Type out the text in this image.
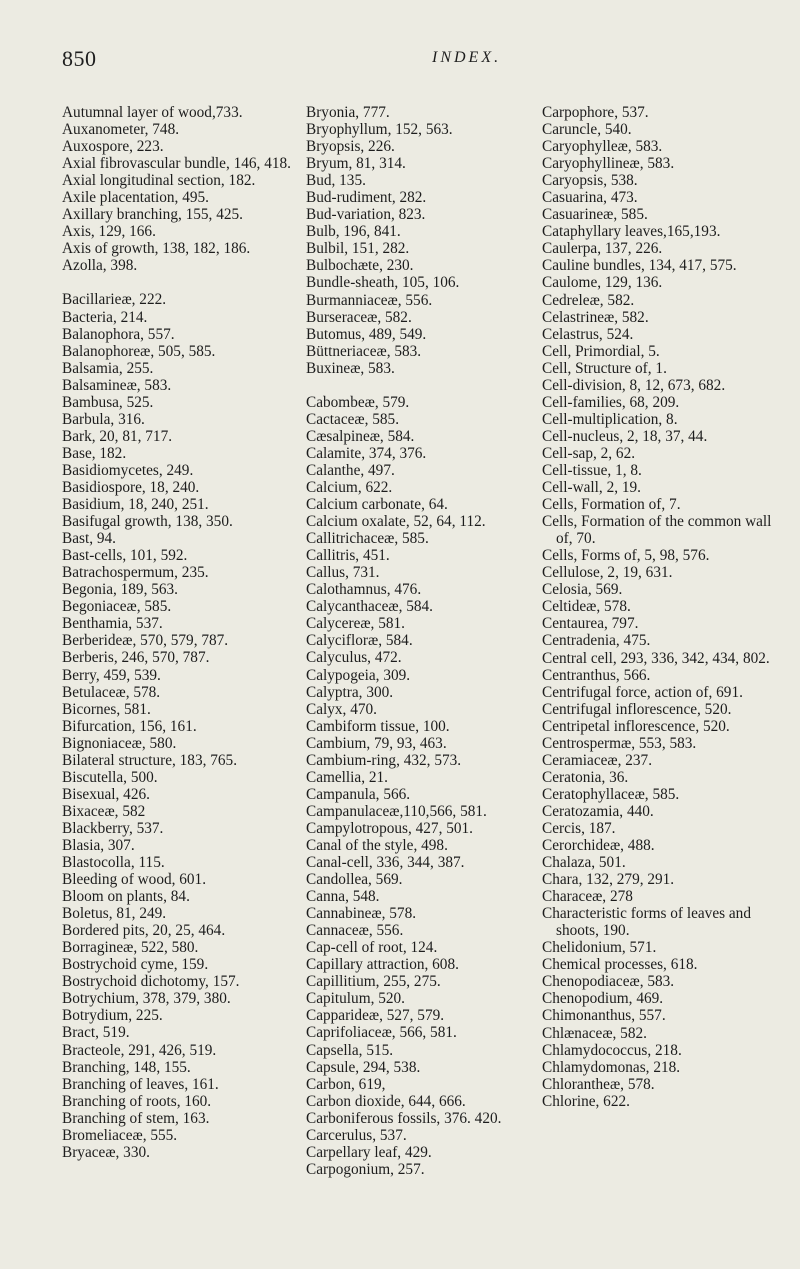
850	INDEX.
Autumnal layer of wood,733.
Auxanometer, 748.
Auxospore, 223.
Axial fibrovascular bundle, 146, 418.
Axial longitudinal section, 182.
Axile placentation, 495.
Axillary branching, 155, 425.
Axis, 129, 166.
Axis of growth, 138, 182, 186.
Azolla, 398.
Bacillarieæ, 222.
Bacteria, 214.
Balanophora, 557.
Balanophoreæ, 505, 585.
Balsamia, 255.
Balsamineæ, 583.
Bambusa, 525.
Barbula, 316.
Bark, 20, 81, 717.
Base, 182.
Basidiomycetes, 249.
Basidiospore, 18, 240.
Basidium, 18, 240, 251.
Basifugal growth, 138, 350.
Bast, 94.
Bast-cells, 101, 592.
Batrachospermum, 235.
Begonia, 189, 563.
Begoniaceæ, 585.
Benthamia, 537.
Berberideæ, 570, 579, 787.
Berberis, 246, 570, 787.
Berry, 459, 539.
Betulaceæ, 578.
Bicornes, 581.
Bifurcation, 156, 161.
Bignoniaceæ, 580.
Bilateral structure, 183, 765.
Biscutella, 500.
Bisexual, 426.
Bixaceæ, 582
Blackberry, 537.
Blasia, 307.
Blastocolla, 115.
Bleeding of wood, 601.
Bloom on plants, 84.
Boletus, 81, 249.
Bordered pits, 20, 25, 464.
Borragineæ, 522, 580.
Bostrychoid cyme, 159.
Bostrychoid dichotomy, 157.
Botrychium, 378, 379, 380.
Botrydium, 225.
Bract, 519.
Bracteole, 291, 426, 519.
Branching, 148, 155.
Branching of leaves, 161.
Branching of roots, 160.
Branching of stem, 163.
Bromeliaceæ, 555.
Bryaceæ, 330.
Bryonia, 777.
Bryophyllum, 152, 563.
Bryopsis, 226.
Bryum, 81, 314.
Bud, 135.
Bud-rudiment, 282.
Bud-variation, 823.
Bulb, 196, 841.
Bulbil, 151, 282.
Bulbochæte, 230.
Bundle-sheath, 105, 106.
Burmanniaceæ, 556.
Burseraceæ, 582.
Butomus, 489, 549.
Büttneriaceæ, 583.
Buxineæ, 583.
Cabombeæ, 579.
Cactaceæ, 585.
Cæsalpineæ, 584.
Calamite, 374, 376.
Calanthe, 497.
Calcium, 622.
Calcium carbonate, 64.
Calcium oxalate, 52, 64, 112.
Callitrichaceæ, 585.
Callitris, 451.
Callus, 731.
Calothamnus, 476.
Calycanthaceæ, 584.
Calycereæ, 581.
Calycifloræ, 584.
Calyculus, 472.
Calypogeia, 309.
Calyptra, 300.
Calyx, 470.
Cambiform tissue, 100.
Cambium, 79, 93, 463.
Cambium-ring, 432, 573.
Camellia, 21.
Campanula, 566.
Campanulaceæ,110,566, 581.
Campylotropous, 427, 501.
Canal of the style, 498.
Canal-cell, 336, 344, 387.
Candollea, 569.
Canna, 548.
Cannabineæ, 578.
Cannaceæ, 556.
Cap-cell of root, 124.
Capillary attraction, 608.
Capillitium, 255, 275.
Capitulum, 520.
Capparideæ, 527, 579.
Caprifoliaceæ, 566, 581.
Capsella, 515.
Capsule, 294, 538.
Carbon, 619,
Carbon dioxide, 644, 666.
Carboniferous fossils, 376. 420.
Carcerulus, 537.
Carpellary leaf, 429.
Carpogonium, 257.
Carpophore, 537.
Caruncle, 540.
Caryophylleæ, 583.
Caryophyllineæ, 583.
Caryopsis, 538.
Casuarina, 473.
Casuarineæ, 585.
Cataphyllary leaves,165,193.
Caulerpa, 137, 226.
Cauline bundles, 134, 417, 575.
Caulome, 129, 136.
Cedreleæ, 582.
Celastrineæ, 582.
Celastrus, 524.
Cell, Primordial, 5.
Cell, Structure of, 1.
Cell-division, 8, 12, 673, 682.
Cell-families, 68, 209.
Cell-multiplication, 8.
Cell-nucleus, 2, 18, 37, 44.
Cell-sap, 2, 62.
Cell-tissue, 1, 8.
Cell-wall, 2, 19.
Cells, Formation of, 7.
Cells, Formation of the common wall of, 70.
Cells, Forms of, 5, 98, 576.
Cellulose, 2, 19, 631.
Celosia, 569.
Celtideæ, 578.
Centaurea, 797.
Centradenia, 475.
Central cell, 293, 336, 342, 434, 802.
Centranthus, 566.
Centrifugal force, action of, 691.
Centrifugal inflorescence, 520.
Centripetal inflorescence, 520.
Centrospermæ, 553, 583.
Ceramiaceæ, 237.
Ceratonia, 36.
Ceratophyllaceæ, 585.
Ceratozamia, 440.
Cercis, 187.
Cerorchideæ, 488.
Chalaza, 501.
Chara, 132, 279, 291.
Characeæ, 278
Characteristic forms of leaves and shoots, 190.
Chelidonium, 571.
Chemical processes, 618.
Chenopodiaceæ, 583.
Chenopodium, 469.
Chimonanthus, 557.
Chlænaceæ, 582.
Chlamydococcus, 218.
Chlamydomonas, 218.
Chloranthеæ, 578.
Chlorine, 622.
